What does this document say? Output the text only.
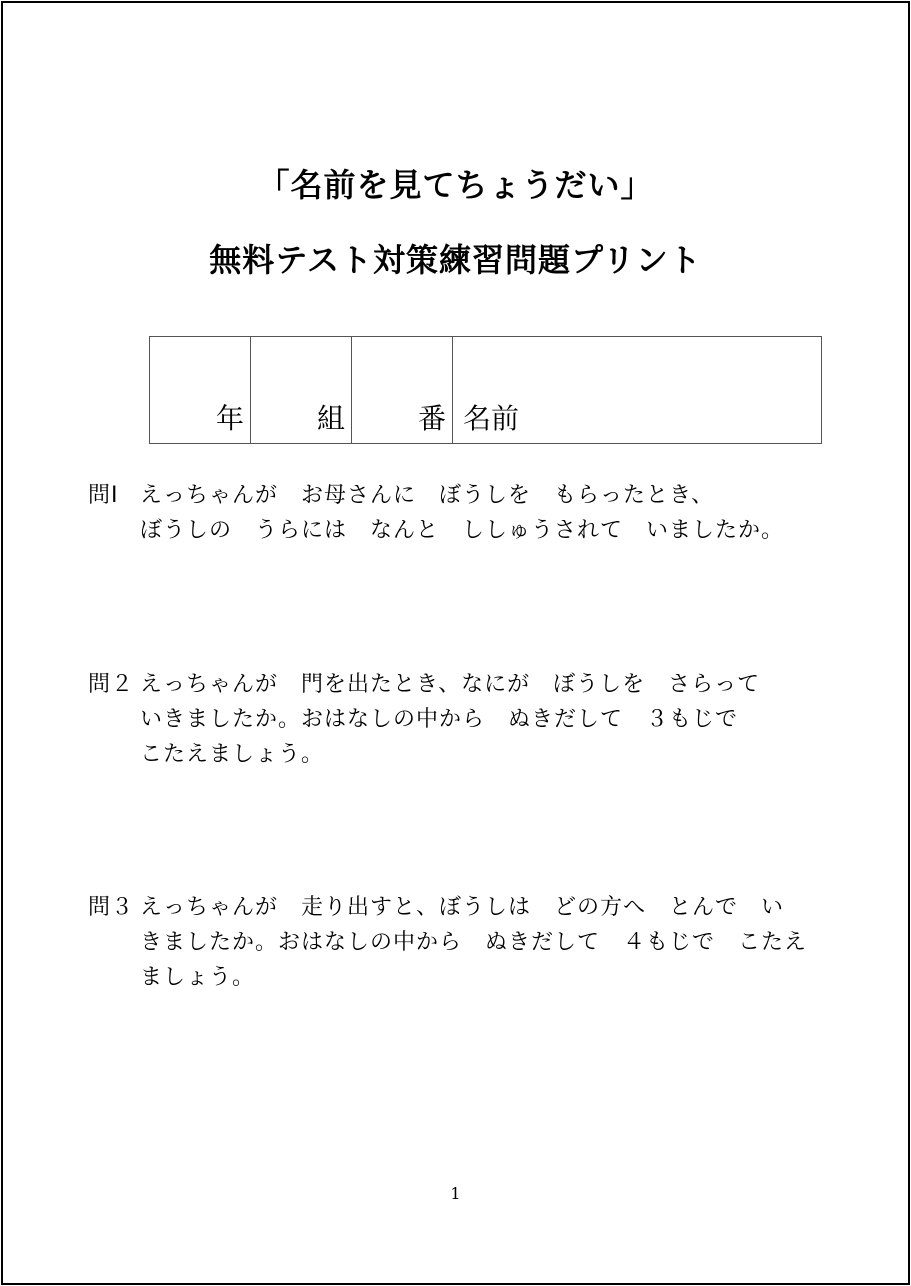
「名前を見てちょうだい」
無料テスト対策練習問題プリント
年	組	番	名前
問Ⅰ えっちゃんが　お母さんに　ぼうしを　もらったとき、
ぼうしの　うらには　なんと　ししゅうされて　いましたか。
問２ えっちゃんが　門を出たとき、なにが　ぼうしを　さらって
いきましたか。おはなしの中から　ぬきだして　３もじで
こたえましょう。
問３ えっちゃんが　走り出すと、ぼうしは　どの方へ　とんで　い
きましたか。おはなしの中から　ぬきだして　４もじで　こたえ
ましょう。
1
